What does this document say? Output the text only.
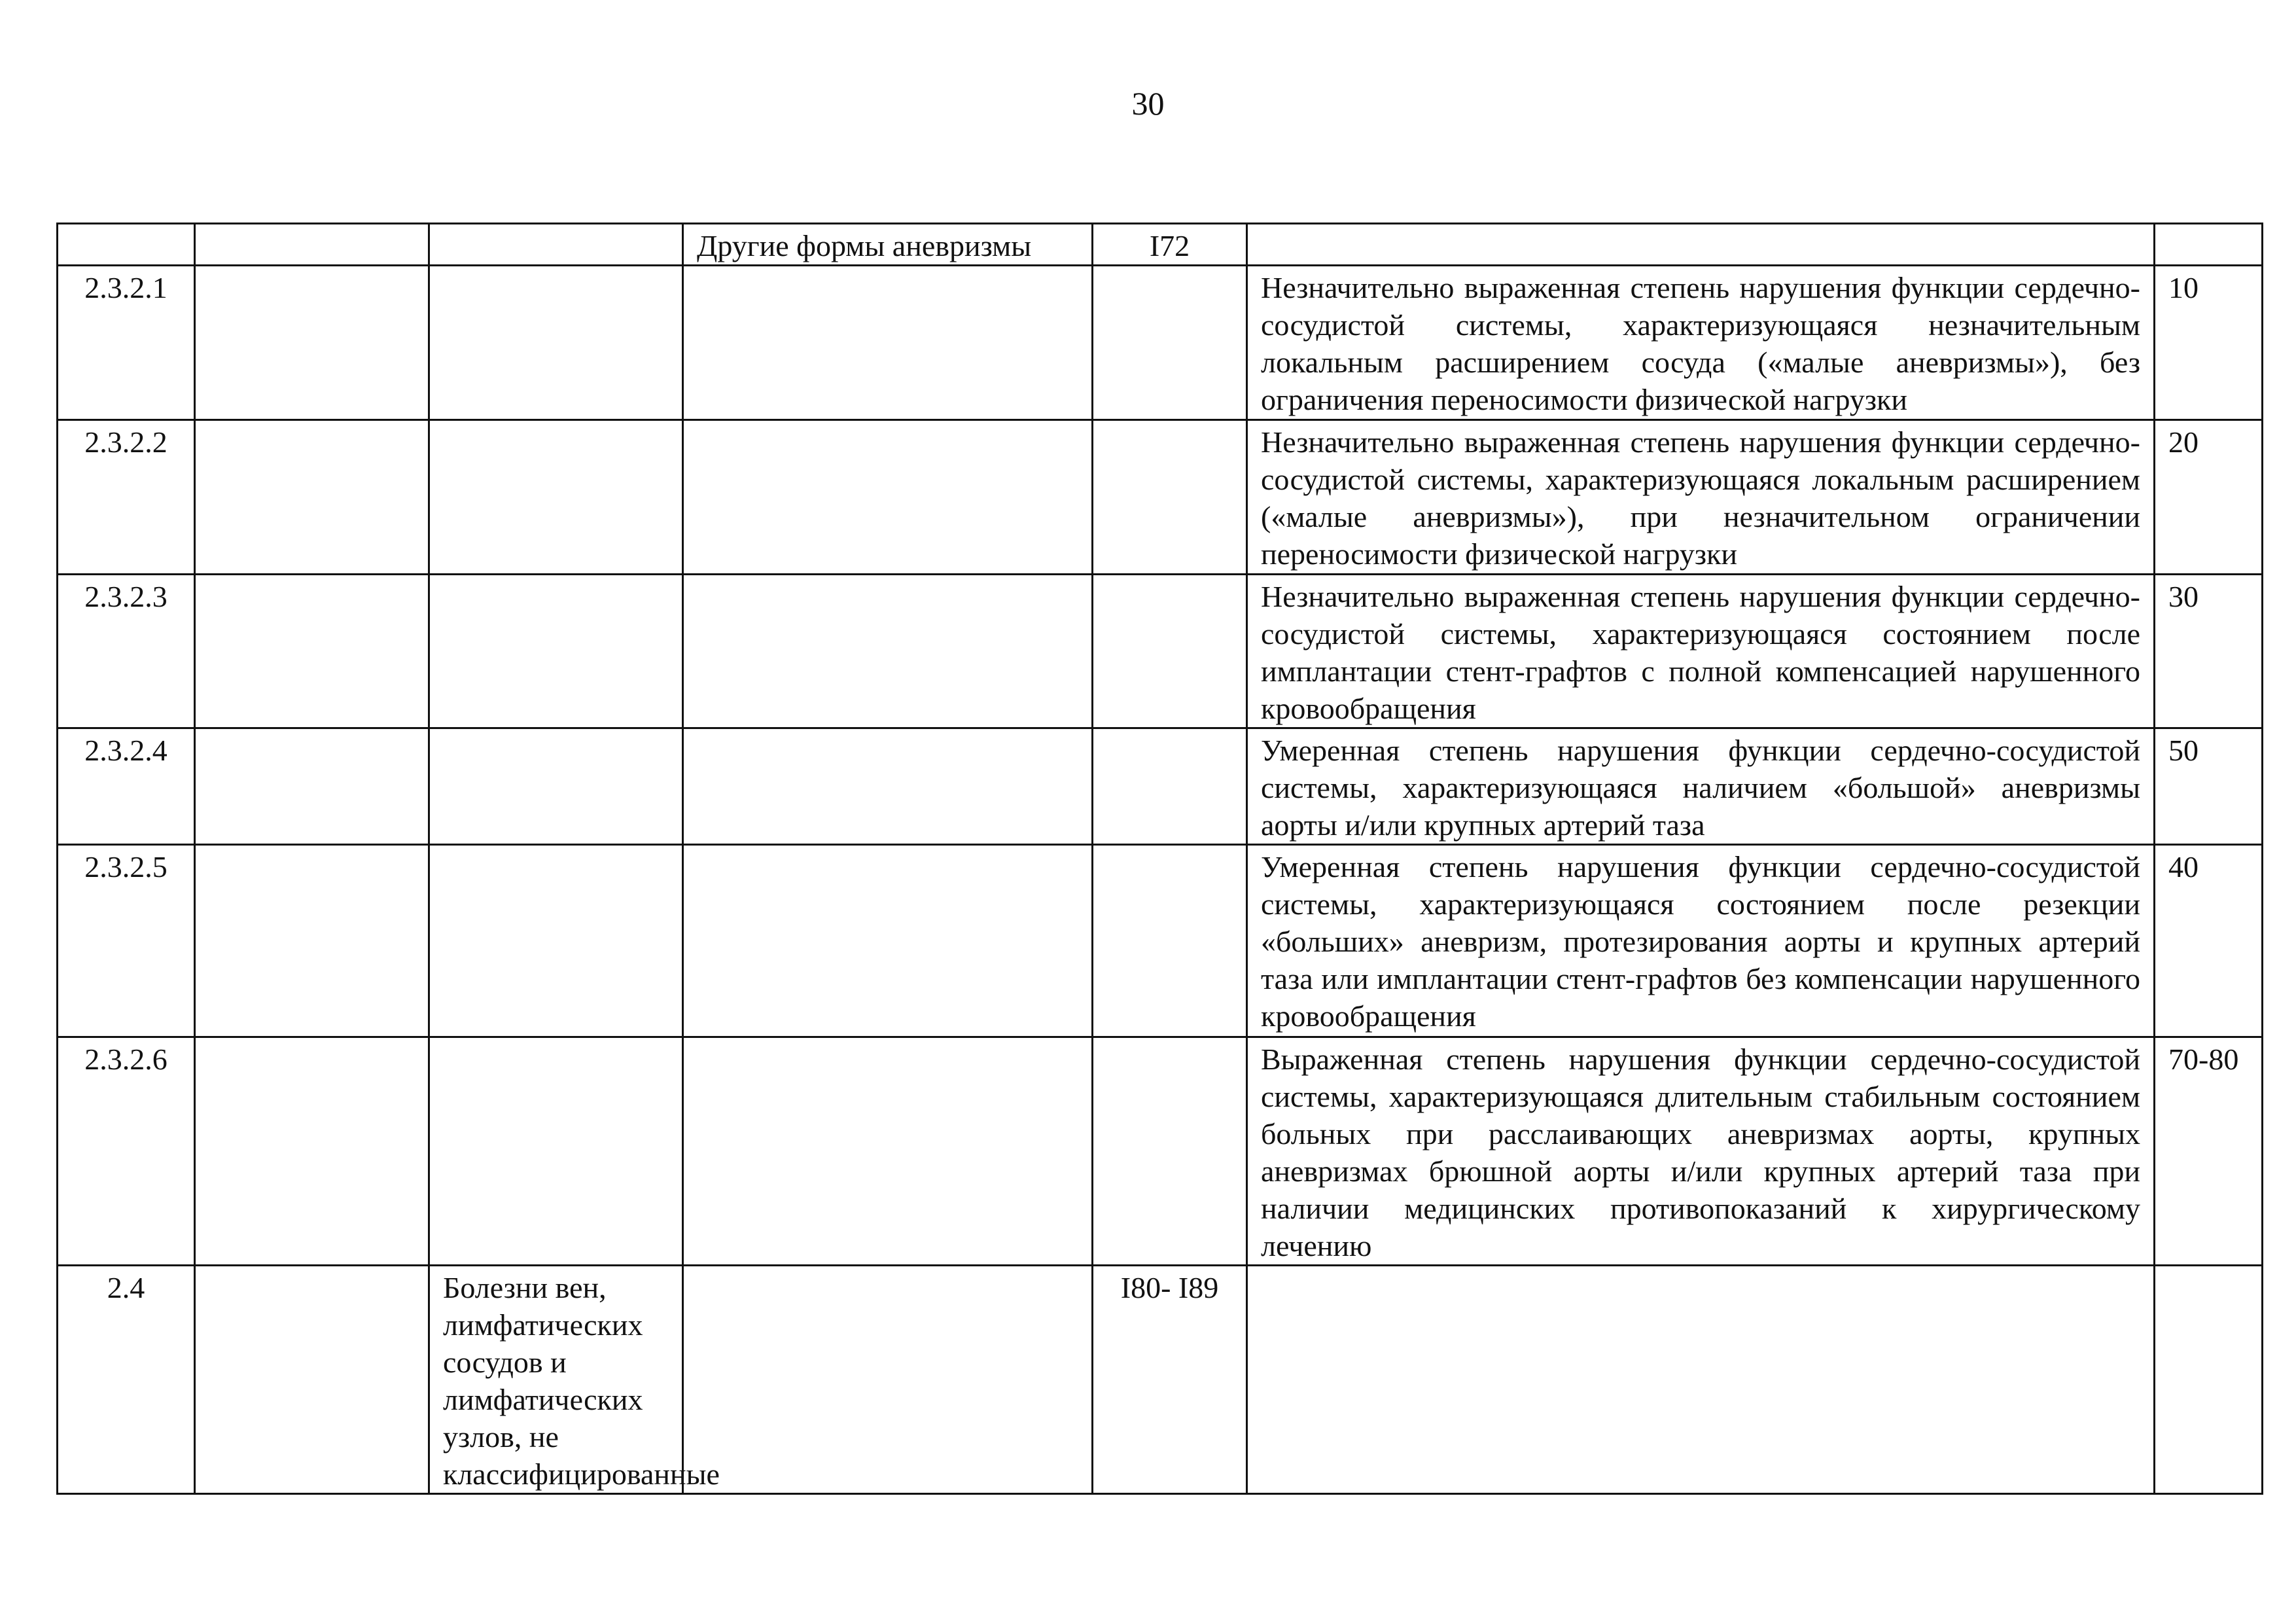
30
			Другие формы аневризмы	I72		
2.3.2.1					Незначительно выраженная степень нарушения функции сердечно-сосудистой системы, характеризующаяся незначительным локальным расширением сосуда («малые аневризмы»), без ограничения переносимости физической нагрузки	10
2.3.2.2					Незначительно выраженная степень нарушения функции сердечно-сосудистой системы, характеризующаяся локальным расширением («малые аневризмы»), при незначительном ограничении переносимости физической нагрузки	20
2.3.2.3					Незначительно выраженная степень нарушения функции сердечно-сосудистой системы, характеризующаяся состоянием после имплантации стент-графтов с полной компенсацией нарушенного кровообращения	30
2.3.2.4					Умеренная степень нарушения функции сердечно-сосудистой системы, характеризующаяся наличием «большой» аневризмы аорты и/или крупных артерий таза	50
2.3.2.5					Умеренная степень нарушения функции сердечно-сосудистой системы, характеризующаяся состоянием после резекции «больших» аневризм, протезирования аорты и крупных артерий таза или имплантации стент-графтов без компенсации нарушенного кровообращения	40
2.3.2.6					Выраженная степень нарушения функции сердечно-сосудистой системы, характеризующаяся длительным стабильным состоянием больных при расслаивающих аневризмах аорты, крупных аневризмах брюшной аорты и/или крупных артерий таза при наличии медицинских противопоказаний к хирургическому лечению	70-80
2.4		Болезни вен, лимфатических сосудов и лимфатических узлов, не классифицированные		I80- I89		
